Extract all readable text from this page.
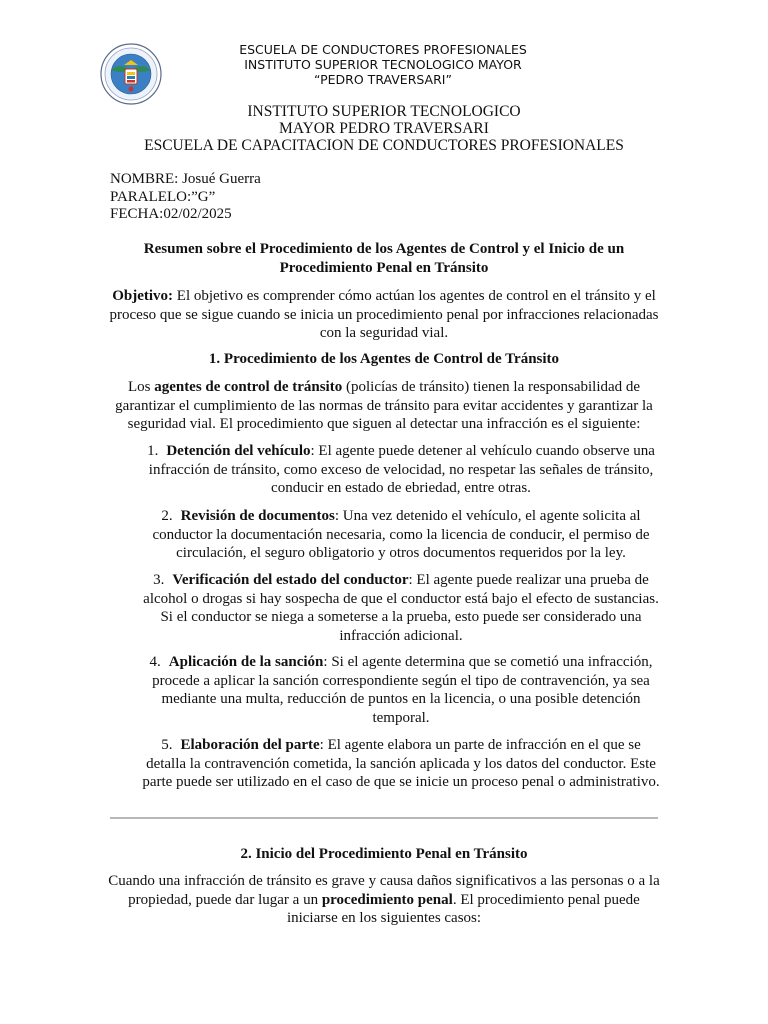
ESCUELA DE CONDUCTORES PROFESIONALES
INSTITUTO SUPERIOR TECNOLOGICO MAYOR
“PEDRO TRAVERSARI”
INSTITUTO SUPERIOR TECNOLOGICO
MAYOR PEDRO TRAVERSARI
ESCUELA DE CAPACITACION DE CONDUCTORES PROFESIONALES
NOMBRE: Josué Guerra
PARALELO:”G”
FECHA:02/02/2025
Resumen sobre el Procedimiento de los Agentes de Control y el Inicio de un Procedimiento Penal en Tránsito
Objetivo: El objetivo es comprender cómo actúan los agentes de control en el tránsito y el proceso que se sigue cuando se inicia un procedimiento penal por infracciones relacionadas con la seguridad vial.
1. Procedimiento de los Agentes de Control de Tránsito
Los agentes de control de tránsito (policías de tránsito) tienen la responsabilidad de garantizar el cumplimiento de las normas de tránsito para evitar accidentes y garantizar la seguridad vial. El procedimiento que siguen al detectar una infracción es el siguiente:
1. Detención del vehículo: El agente puede detener al vehículo cuando observe una infracción de tránsito, como exceso de velocidad, no respetar las señales de tránsito, conducir en estado de ebriedad, entre otras.
2. Revisión de documentos: Una vez detenido el vehículo, el agente solicita al conductor la documentación necesaria, como la licencia de conducir, el permiso de circulación, el seguro obligatorio y otros documentos requeridos por la ley.
3. Verificación del estado del conductor: El agente puede realizar una prueba de alcohol o drogas si hay sospecha de que el conductor está bajo el efecto de sustancias. Si el conductor se niega a someterse a la prueba, esto puede ser considerado una infracción adicional.
4. Aplicación de la sanción: Si el agente determina que se cometió una infracción, procede a aplicar la sanción correspondiente según el tipo de contravención, ya sea mediante una multa, reducción de puntos en la licencia, o una posible detención temporal.
5. Elaboración del parte: El agente elabora un parte de infracción en el que se detalla la contravención cometida, la sanción aplicada y los datos del conductor. Este parte puede ser utilizado en el caso de que se inicie un proceso penal o administrativo.
2. Inicio del Procedimiento Penal en Tránsito
Cuando una infracción de tránsito es grave y causa daños significativos a las personas o a la propiedad, puede dar lugar a un procedimiento penal. El procedimiento penal puede iniciarse en los siguientes casos:
